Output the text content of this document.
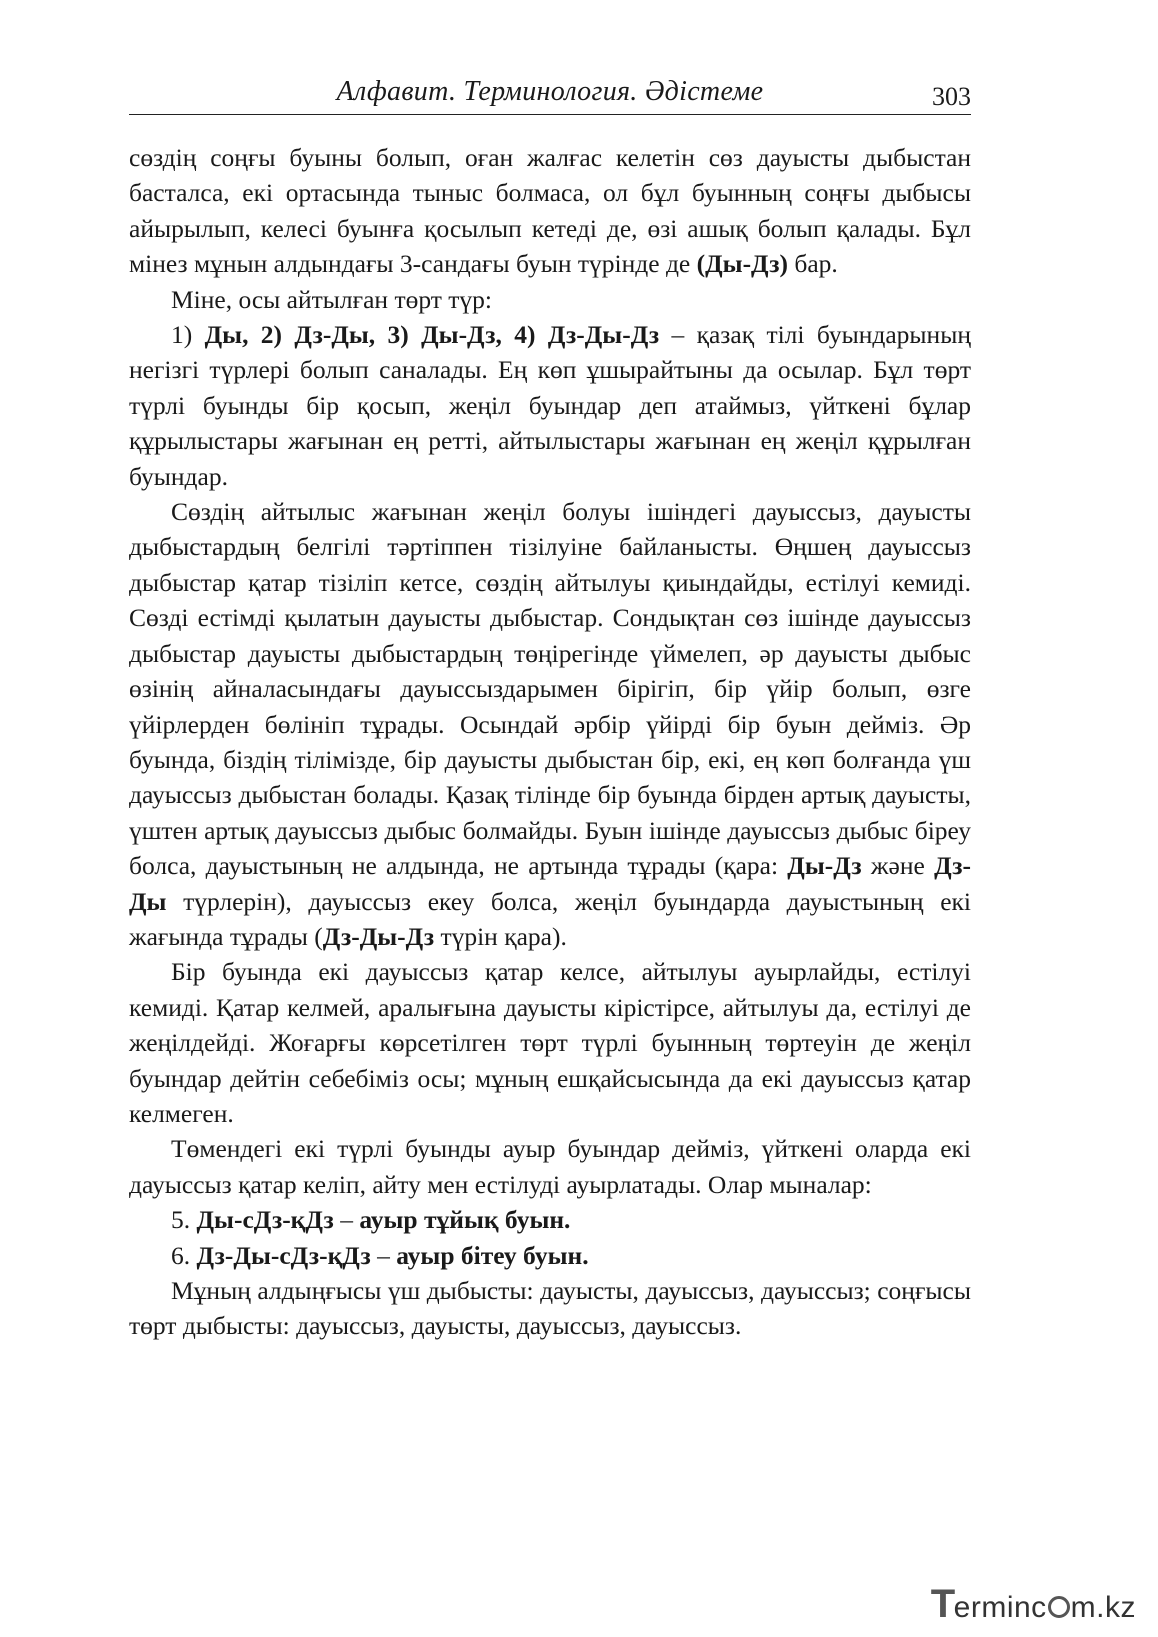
Алфавит. Терминология. Әдістеме	303

сөздің соңғы буыны болып, оған жалғас келетін сөз дауысты дыбыстан басталса, екі ортасында тыныс болмаса, ол бұл буынның соңғы дыбысы айырылып, келесі буынға қосылып кетеді де, өзі ашық болып қалады. Бұл мінез мұнын алдындағы 3-сандағы буын түрінде де (Ды-Дз) бар.

Міне, осы айтылған төрт түр:

1) Ды, 2) Дз-Ды, 3) Ды-Дз, 4) Дз-Ды-Дз – қазақ тілі буындарының негізгі түрлері болып саналады. Ең көп ұшырайтыны да осылар. Бұл төрт түрлі буынды бір қосып, жеңіл буындар деп атаймыз, үйткені бұлар құрылыстары жағынан ең ретті, айтылыстары жағынан ең жеңіл құрылған буындар.

Сөздің айтылыс жағынан жеңіл болуы ішіндегі дауыссыз, дауысты дыбыстардың белгілі тәртіппен тізілуіне байланысты. Өңшең дауыссыз дыбыстар қатар тізіліп кетсе, сөздің айтылуы қиындайды, естілуі кемиді. Сөзді естімді қылатын дауысты дыбыстар. Сондықтан сөз ішінде дауыссыз дыбыстар дауысты дыбыстардың төңірегінде үймелеп, әр дауысты дыбыс өзінің айналасындағы дауыссыздарымен бірігіп, бір үйір болып, өзге үйірлерден бөлініп тұрады. Осындай әрбір үйірді бір буын дейміз. Әр буында, біздің тілімізде, бір дауысты дыбыстан бір, екі, ең көп болғанда үш дауыссыз дыбыстан болады. Қазақ тілінде бір буында бірден артық дауысты, үштен артық дауыссыз дыбыс болмайды. Буын ішінде дауыссыз дыбыс біреу болса, дауыстының не алдында, не артында тұрады (қара: Ды-Дз және Дз-Ды түрлерін), дауыссыз екеу болса, жеңіл буындарда дауыстының екі жағында тұрады (Дз-Ды-Дз түрін қара).

Бір буында екі дауыссыз қатар келсе, айтылуы ауырлайды, естілуі кемиді. Қатар келмей, аралығына дауысты кірістірсе, айтылуы да, естілуі де жеңілдейді. Жоғарғы көрсетілген төрт түрлі буынның төртеуін де жеңіл буындар дейтін себебіміз осы; мұның ешқайсысында да екі дауыссыз қатар келмеген.

Төмендегі екі түрлі буынды ауыр буындар дейміз, үйткені оларда екі дауыссыз қатар келіп, айту мен естілуді ауырлатады. Олар мыналар:

5. Ды-сДз-қДз – ауыр тұйық буын.

6. Дз-Ды-сДз-қДз – ауыр бітеу буын.

Мұның алдыңғысы үш дыбысты: дауысты, дауыссыз, дауыссыз; соңғысы төрт дыбысты: дауыссыз, дауысты, дауыссыз, дауыссыз.

Terminc m.kz
